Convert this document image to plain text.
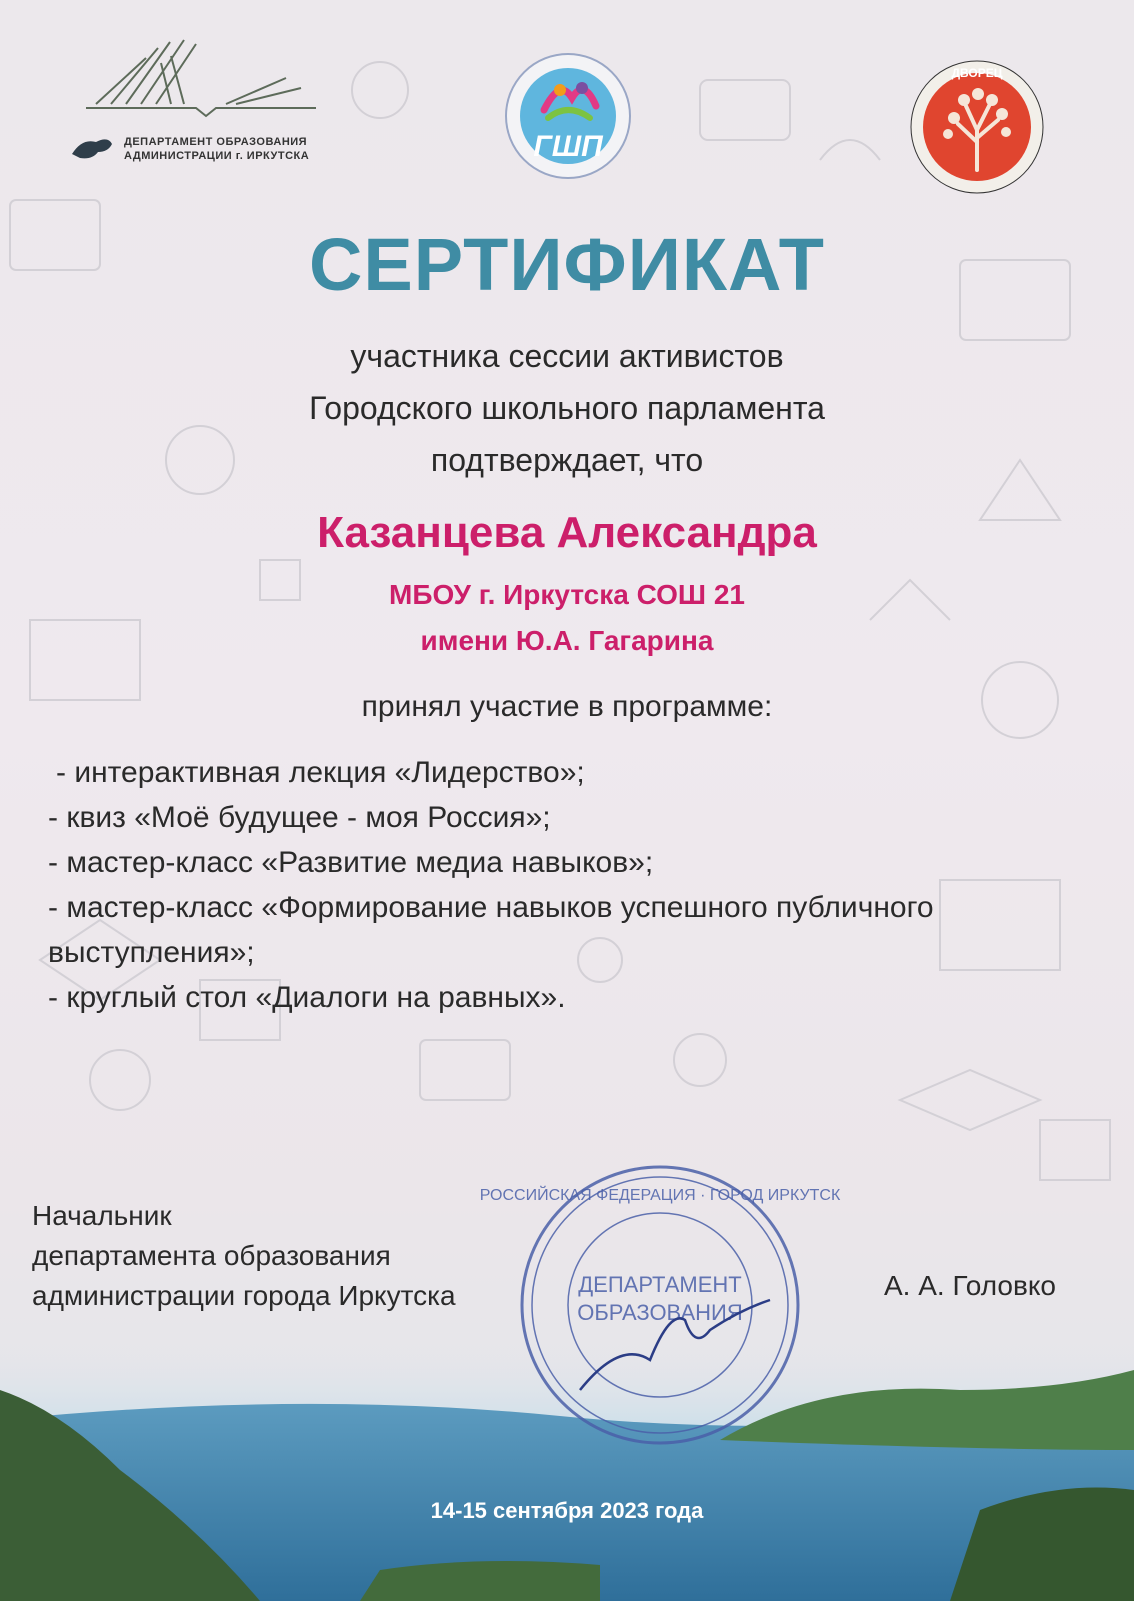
ДЕПАРТАМЕНТ ОБРАЗОВАНИЯ
АДМИНИСТРАЦИИ г. ИРКУТСКА	ГШП
ДВОРЕЦ
СЕРТИФИКАТ
участника сессии активистов
Городского школьного парламента
подтверждает, что
Казанцева Александра
МБОУ г. Иркутска СОШ 21
имени Ю.А. Гагарина
принял участие в программе:
- интерактивная лекция «Лидерство»;
- квиз «Моё будущее - моя Россия»;
- мастер-класс «Развитие медиа навыков»;
- мастер-класс «Формирование навыков успешного публичного выступления»;
- круглый стол «Диалоги на равных».
Начальник
департамента образования
администрации города Иркутска	А. А. Головко
ДЕПАРТАМЕНТ
ОБРАЗОВАНИЯ
РОССИЙСКАЯ ФЕДЕРАЦИЯ · ГОРОД ИРКУТСК
14-15 сентября 2023 года
